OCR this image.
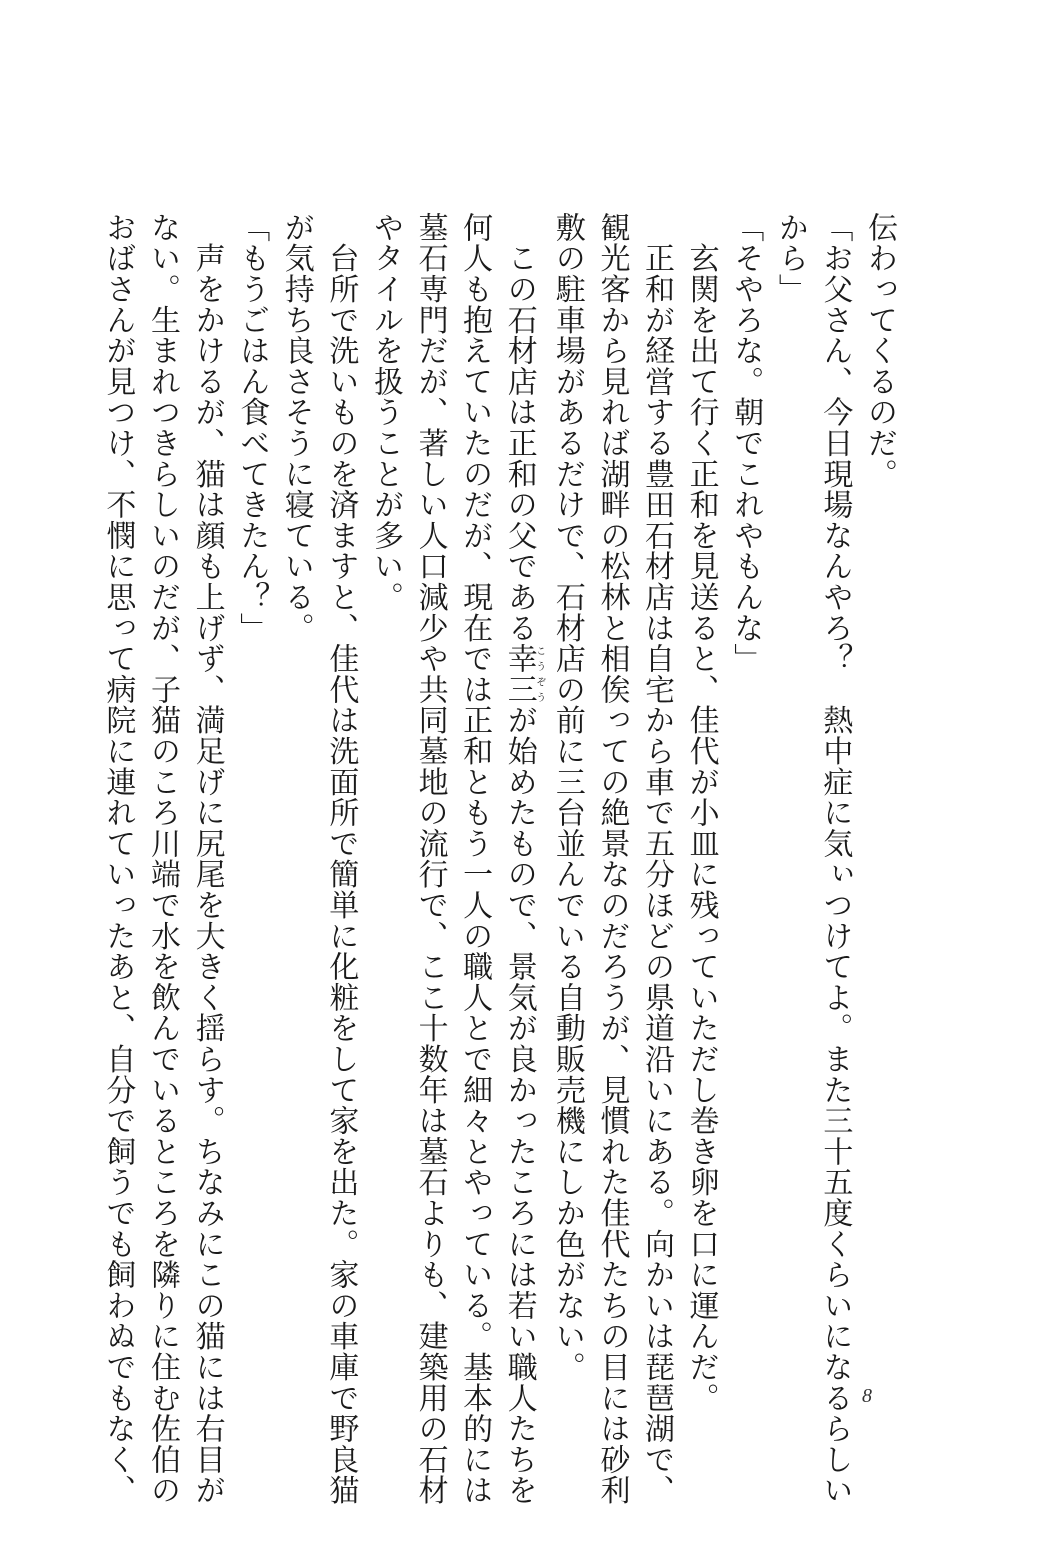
伝わってくるのだ。
「お父さん、今日現場なんやろ？　熱中症に気ぃつけてよ。また三十五度くらいになるらしい
から」
「そやろな。朝でこれやもんな」
　玄関を出て行く正和を見送ると、佳代が小皿に残っていただし巻き卵を口に運んだ。
　正和が経営する豊田石材店は自宅から車で五分ほどの県道沿いにある。向かいは琵琶湖で、
観光客から見れば湖畔の松林と相俟っての絶景なのだろうが、見慣れた佳代たちの目には砂利
敷の駐車場があるだけで、石材店の前に三台並んでいる自動販売機にしか色がない。
　この石材店は正和の父である幸三こうぞうが始めたもので、景気が良かったころには若い職人たちを
何人も抱えていたのだが、現在では正和ともう一人の職人とで細々とやっている。基本的には
墓石専門だが、著しい人口減少や共同墓地の流行で、ここ十数年は墓石よりも、建築用の石材
やタイルを扱うことが多い。
　台所で洗いものを済ますと、佳代は洗面所で簡単に化粧をして家を出た。家の車庫で野良猫
が気持ち良さそうに寝ている。
「もうごはん食べてきたん？」
　声をかけるが、猫は顔も上げず、満足げに尻尾を大きく揺らす。ちなみにこの猫には右目が
ない。生まれつきらしいのだが、子猫のころ川端で水を飲んでいるところを隣りに住む佐伯の
おばさんが見つけ、不憫に思って病院に連れていったあと、自分で飼うでも飼わぬでもなく、	8
